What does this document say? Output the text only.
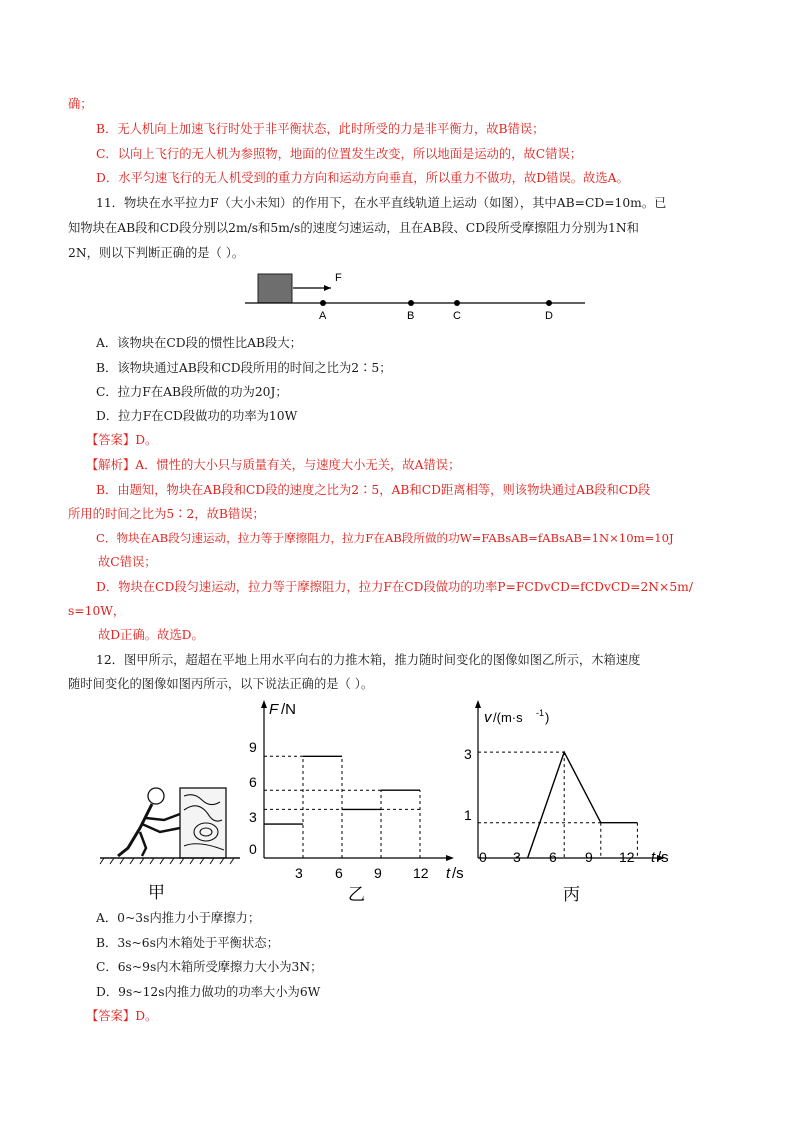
确；
B．无人机向上加速飞行时处于非平衡状态，此时所受的力是非平衡力，故B错误；
C．以向上飞行的无人机为参照物，地面的位置发生改变，所以地面是运动的，故C错误；
D．水平匀速飞行的无人机受到的重力方向和运动方向垂直，所以重力不做功，故D错误。故选A。
11．物块在水平拉力F（大小未知）的作用下，在水平直线轨道上运动（如图），其中AB=CD=10m。已
知物块在AB段和CD段分别以2m/s和5m/s的速度匀速运动，且在AB段、CD段所受摩擦阻力分别为1N和
2N，则以下判断正确的是（ ）。
F
A	B	C	D
A．该物块在CD段的惯性比AB段大；
B．该物块通过AB段和CD段所用的时间之比为2∶5；
C．拉力F在AB段所做的功为20J；
D．拉力F在CD段做功的功率为10W
【答案】D。
【解析】A．惯性的大小只与质量有关，与速度大小无关，故A错误；
B．由题知，物块在AB段和CD段的速度之比为2∶5，AB和CD距离相等，则该物块通过AB段和CD段
所用的时间之比为5∶2，故B错误；
C．物块在AB段匀速运动，拉力等于摩擦阻力，拉力F在AB段所做的功W=FABsAB=fABsAB=1N×10m=10J
故C错误；
D．物块在CD段匀速运动，拉力等于摩擦阻力，拉力F在CD段做功的功率P=FCDvCD=fCDvCD=2N×5m/
s=10W，
故D正确。故选D。
12．图甲所示，超超在平地上用水平向右的力推木箱，推力随时间变化的图像如图乙所示，木箱速度
随时间变化的图像如图丙所示，以下说法正确的是（ ）。
甲
F /N
9
6
3
0
3 6 9 12 t /s
乙
v /(m·s -1 )
3
1
0 3 6 9 12 t /s
丙
A．0~3s内推力小于摩擦力；
B．3s~6s内木箱处于平衡状态；
C．6s~9s内木箱所受摩擦力大小为3N；
D．9s~12s内推力做功的功率大小为6W
【答案】D。
